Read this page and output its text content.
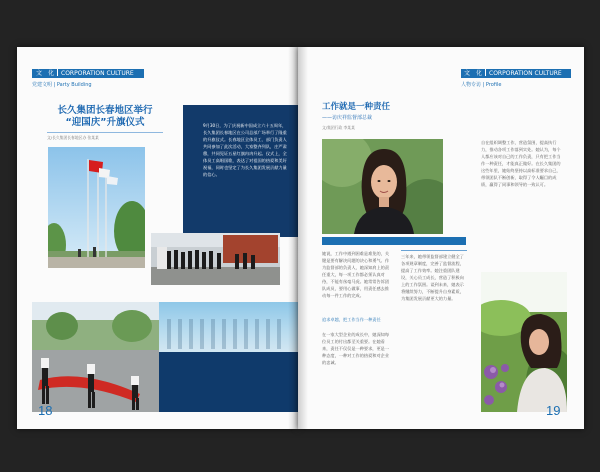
文　化 CORPORATION CULTURE
党建文明 | Party Building
长久集团长春地区举行
“迎国庆”升旗仪式
文/长久集团长春地区办 张某某
9月30日，为了庆祝新中国成立六十五周年，长久集团长春地区在公司总部广场举行了隆重的升旗仪式。长春地区全体员工、部门负责人共同参加了此次活动，大家整齐列队，庄严肃穆，共同见证五星红旗冉冉升起。仪式上，全体员工高唱国歌，表达了对祖国的热爱和美好祝福，同时也坚定了为长久集团发展贡献力量的信心。
18
文　化 CORPORATION CULTURE
人物专访 | Profile
工作就是一种责任
——访庆祥监督部总裁
文/集团行政 李某某
自在组织调整工作，营造氛围，提高执行力，推动各项工作落到实处。她认为，每个人都应该对自己的工作负责，只有把工作当作一种责任，才能真正做好。在长久集团的这些年里，她始终坚持以高标准要求自己，带领团队不断创新，取得了令人瞩目的成绩，赢得了同事和领导的一致认可。
她说，工作中遇到困难是难免的，关键是要有解决问题的决心和勇气。作为监督部的负责人，她深知肩上的责任重大，每一项工作都必须认真对待，不能有丝毫马虎。她常常告诉团队成员，要用心做事，用责任感去推动每一件工作的完成。
追求卓越，把工作当作一种责任
在一家大型企业的成长中，她深知每位员工的付出都至关重要。在她看来，责任不仅仅是一种要求，更是一种态度，一种对工作的热爱和对企业的忠诚。
三年来，她带领监督部建立健全了各项规章制度，完善了监督流程，提高了工作效率。她注重团队建设，关心员工成长，营造了积极向上的工作氛围。谈到未来，她表示将继续努力，不断提升自身素质，为集团发展贡献更大的力量。
19
